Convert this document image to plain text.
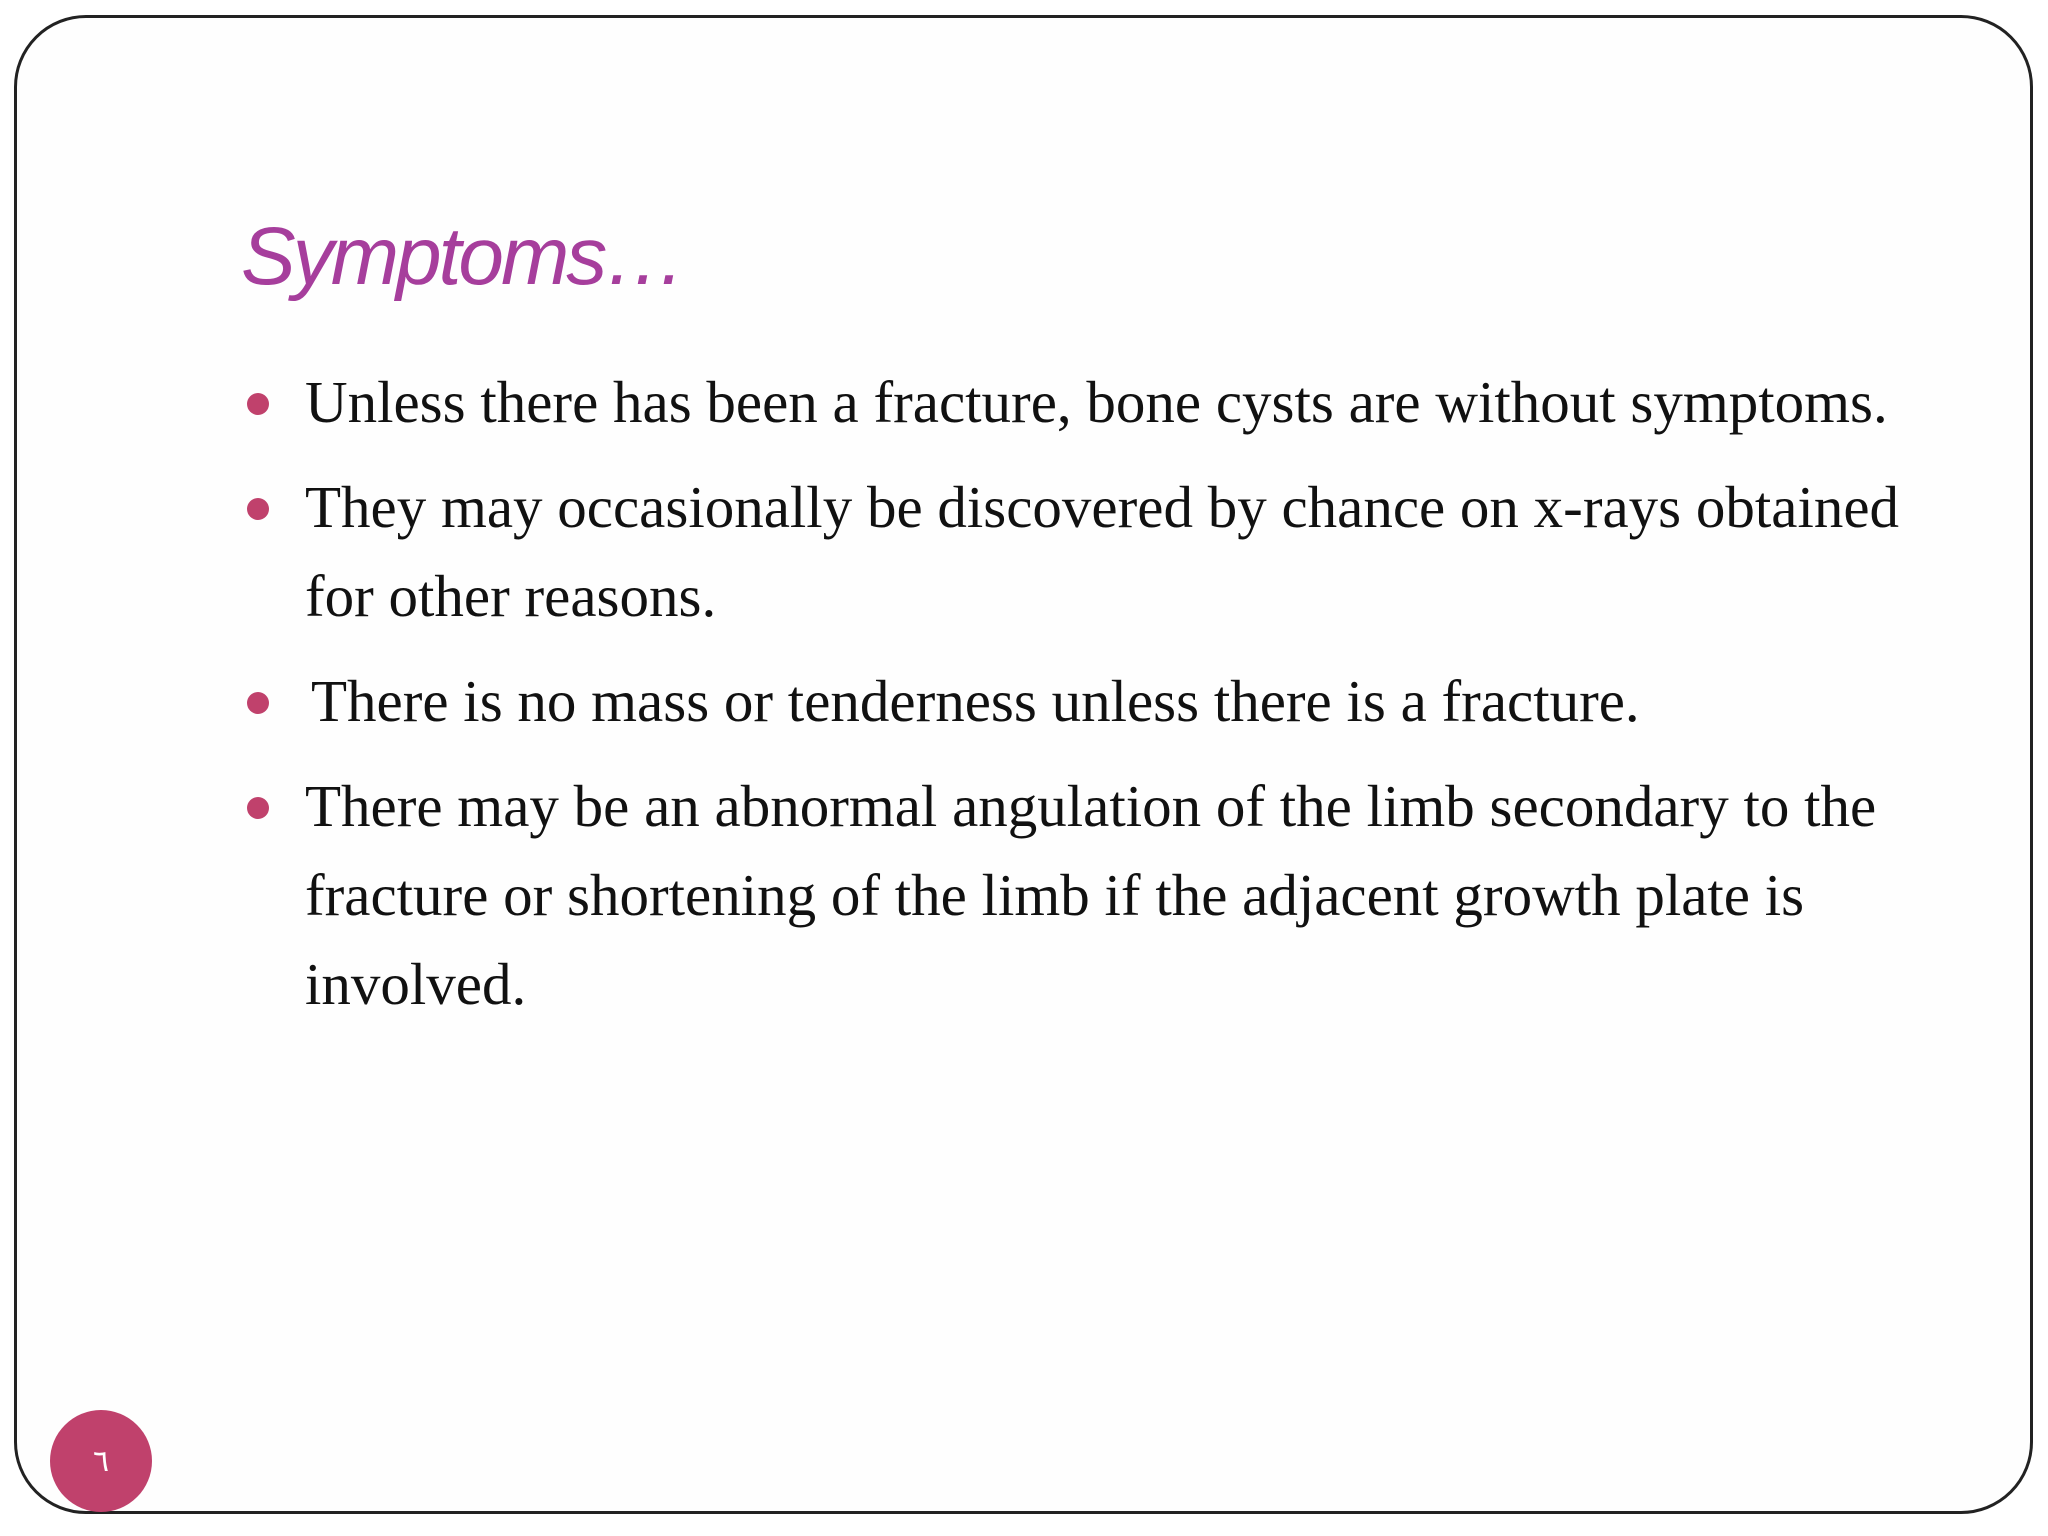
Symptoms…
Unless there has been a fracture, bone cysts are without symptoms.
They may occasionally be discovered by chance on x-rays obtained for other reasons.
There is no mass or tenderness unless there is a fracture.
There may be an abnormal angulation of the limb secondary to the fracture or shortening of the limb if the adjacent growth plate is involved.
٦
